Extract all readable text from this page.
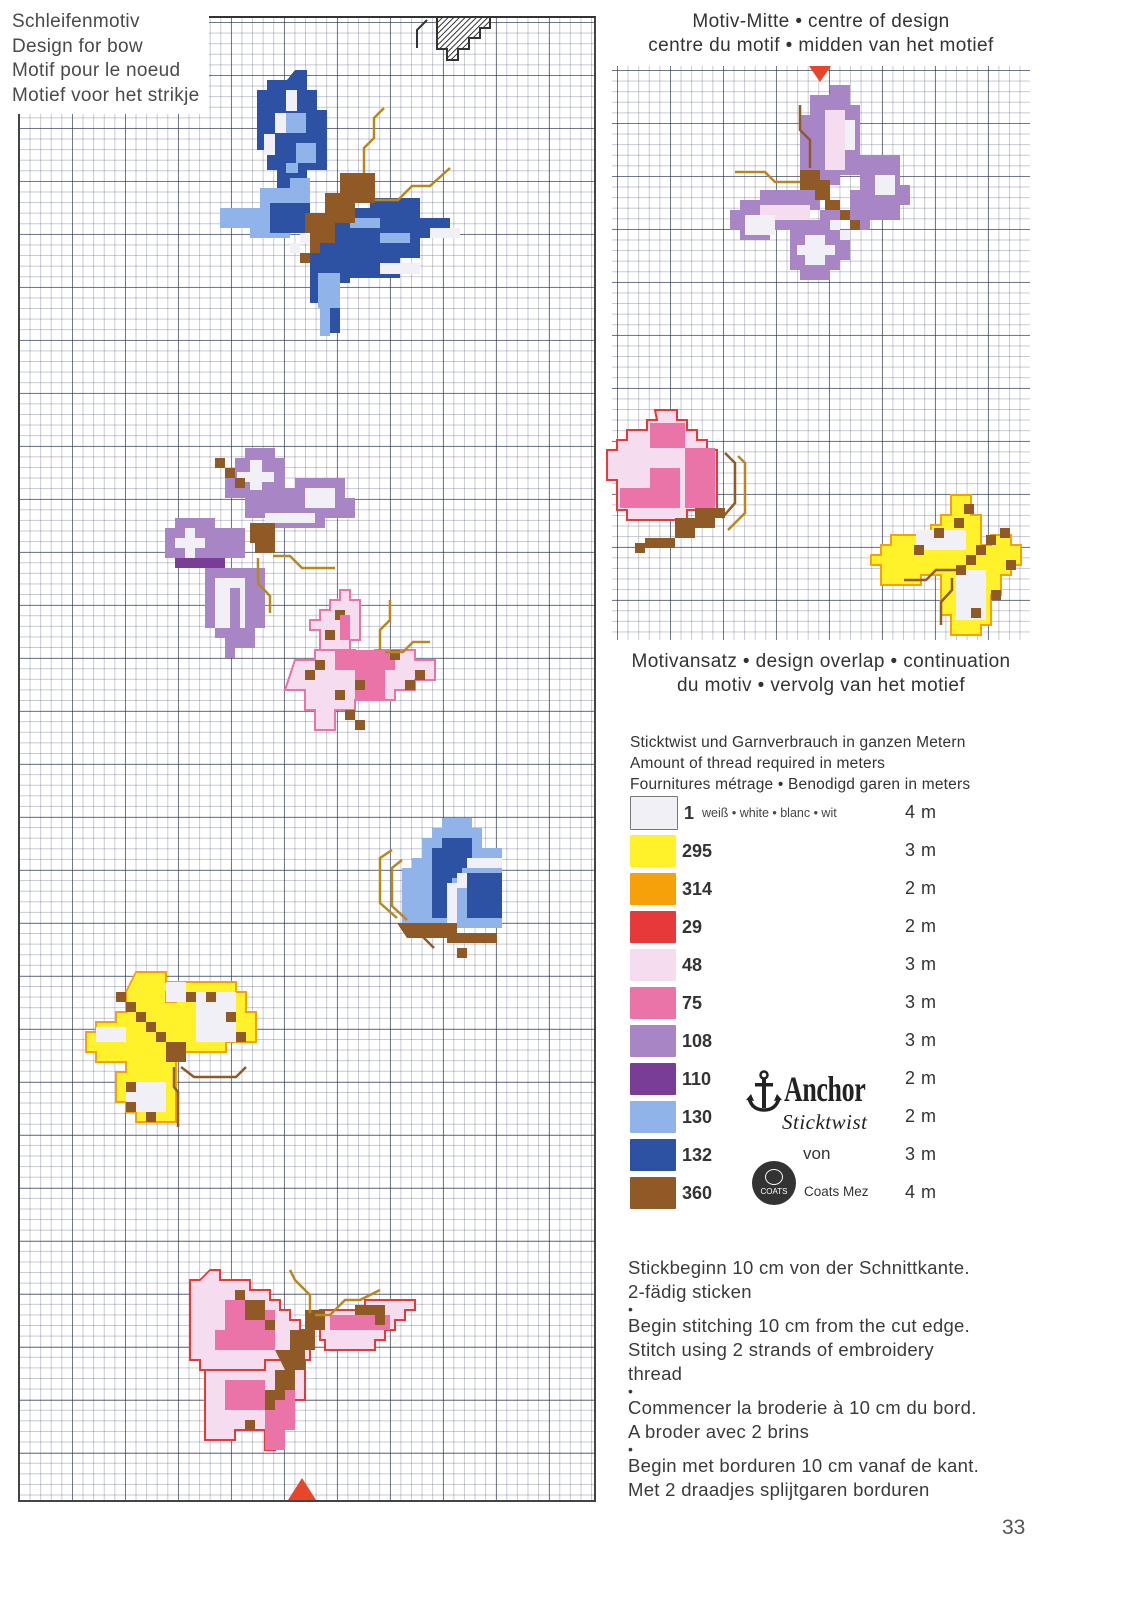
Schleifenmotiv
Design for bow
Motif pour le noeud
Motief voor het strikje
Motiv-Mitte • centre of design
centre du motif • midden van het motief
Motivansatz • design overlap • continuation
du motiv • vervolg van het motief
Sticktwist und Garnverbrauch in ganzen Metern
Amount of thread required in meters
Fournitures métrage • Benodigd garen in meters
1 weiß • white • blanc • wit	4 m
295	3 m
314	2 m
29	2 m
48	3 m
75	3 m
108	3 m
110	2 m
130	2 m
132	3 m
360	4 m
Anchor
Sticktwist
von
COATS	Coats Mez

Stickbeginn 10 cm von der Schnittkante.

2-fädig sticken

•

Begin stitching 10 cm from the cut edge.

Stitch using 2 strands of embroidery

thread

•

Commencer la broderie à 10 cm du bord.

A broder avec 2 brins

•

Begin met borduren 10 cm vanaf de kant.

Met 2 draadjes splijtgaren borduren

33
